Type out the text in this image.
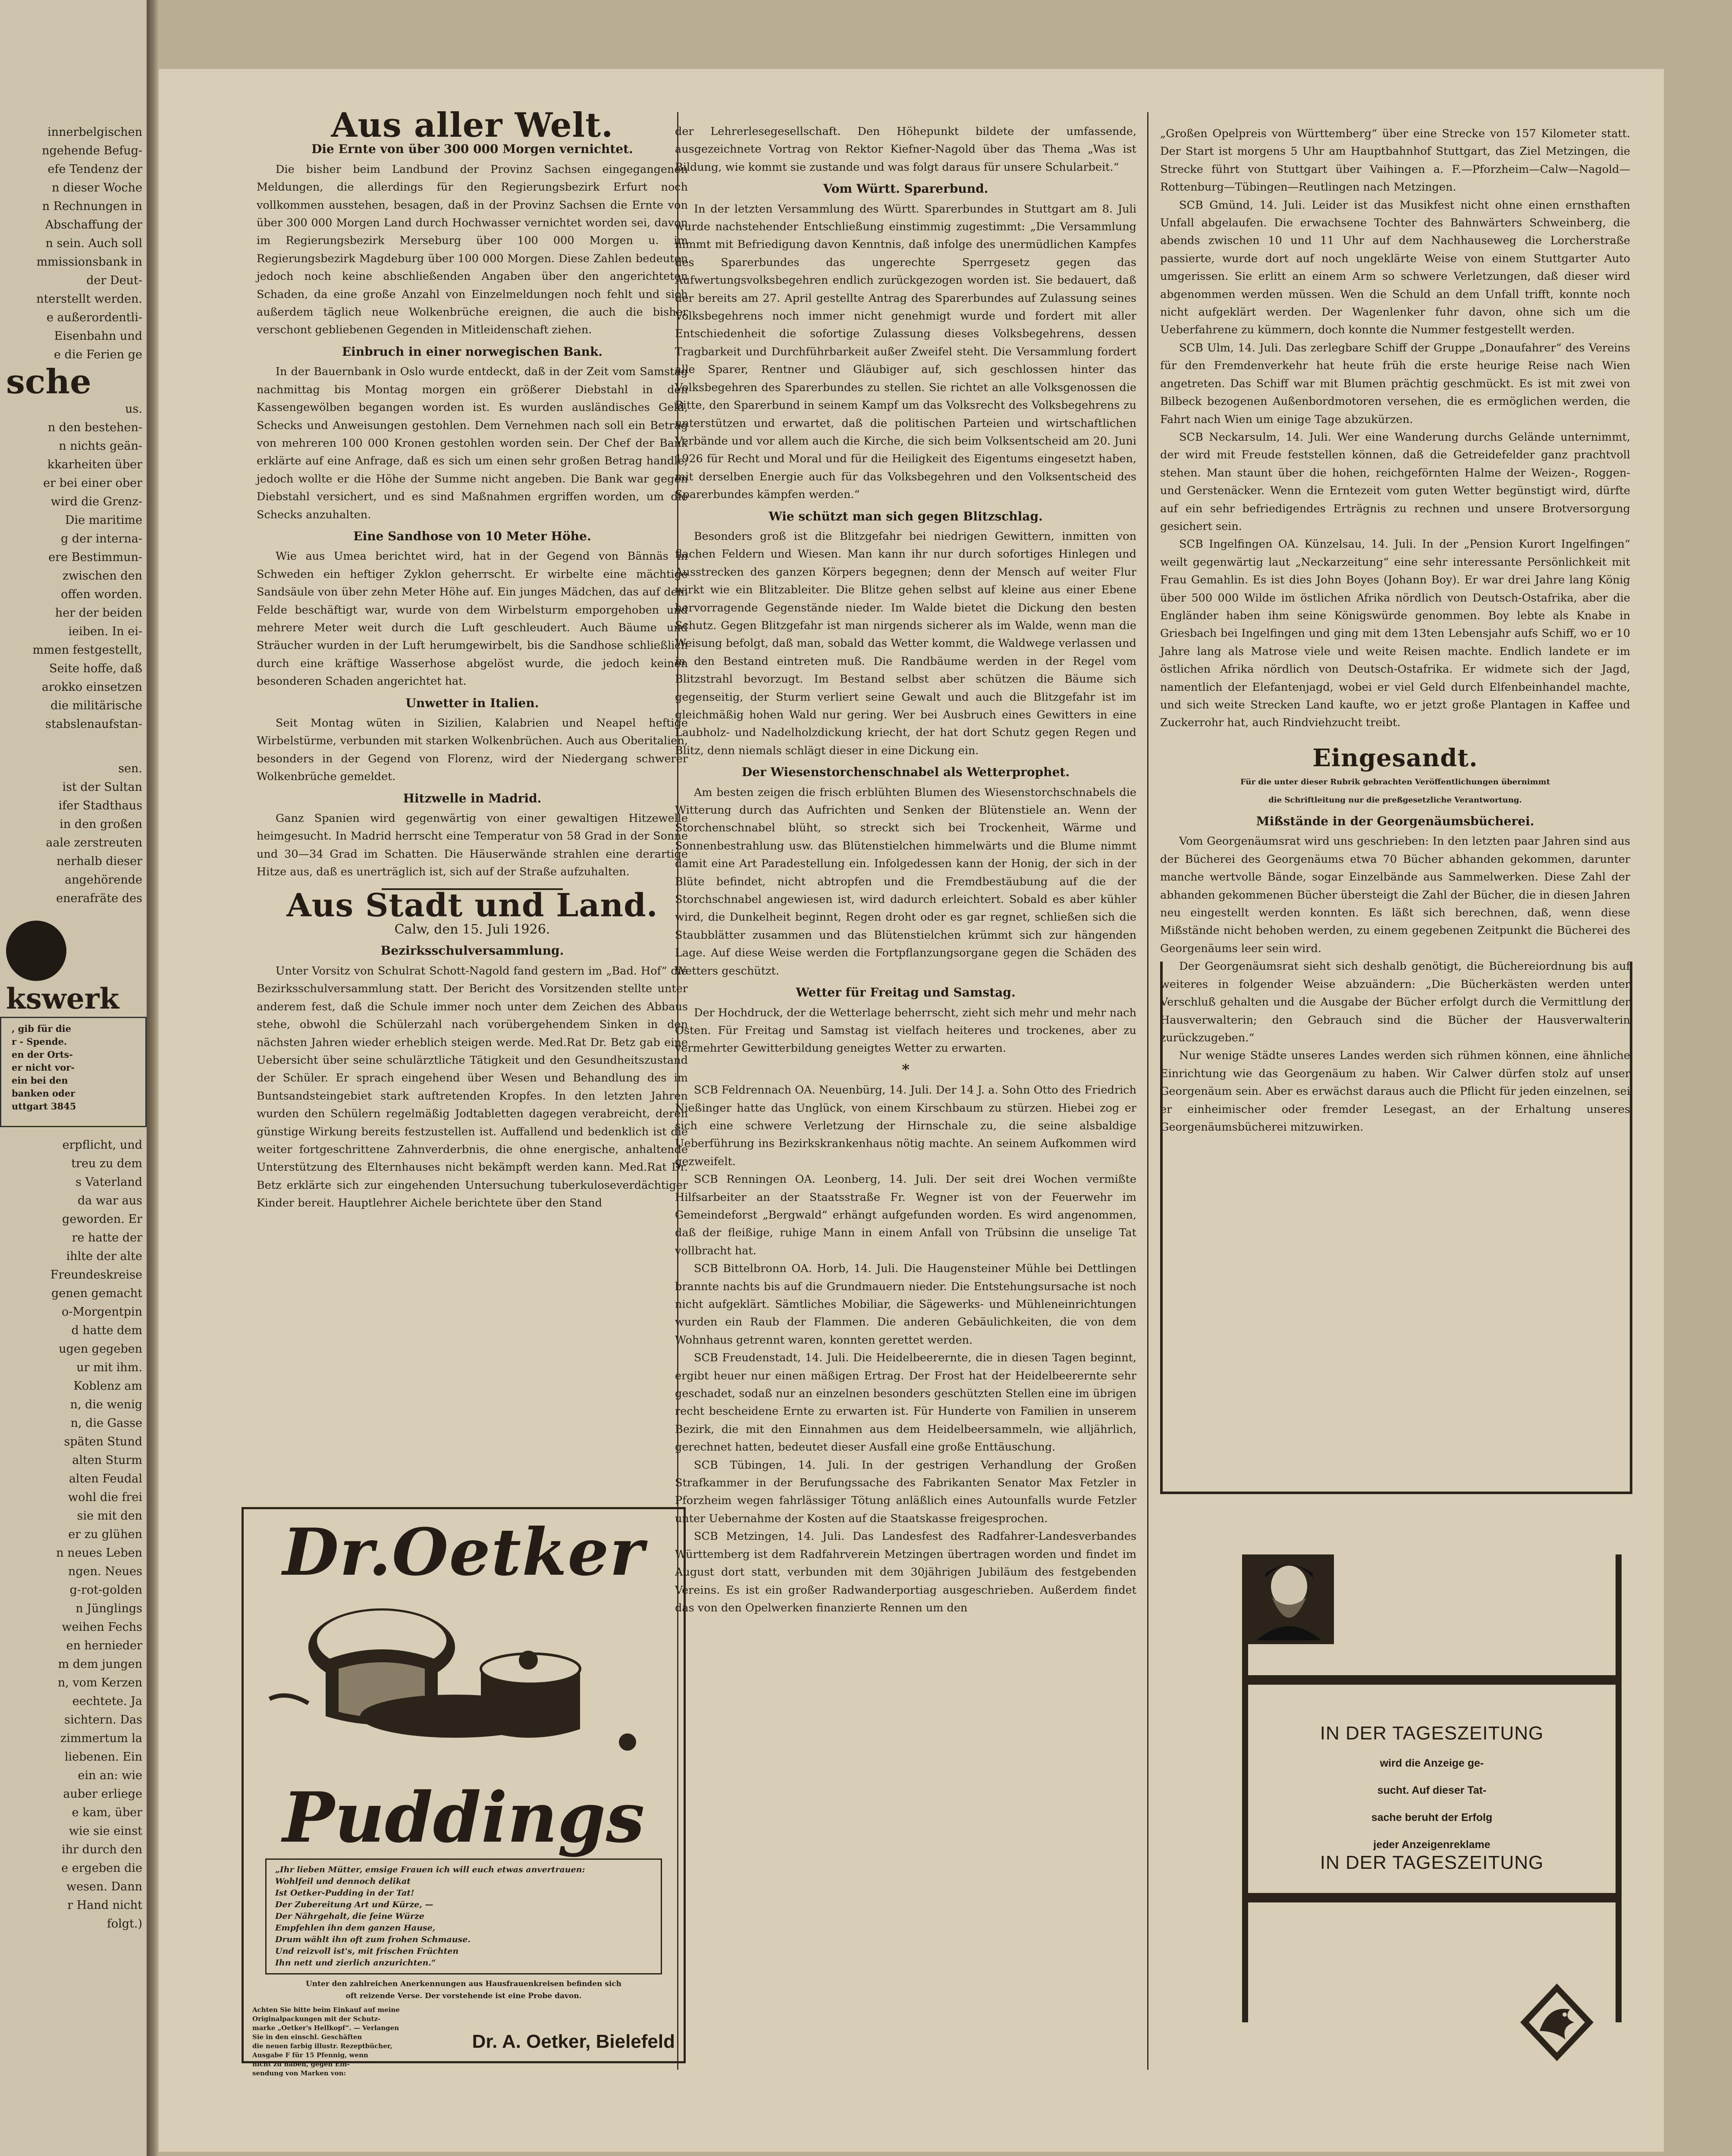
innerbelgischen

ngehende Befug-

efe Tendenz der

n dieser Woche

n Rechnungen in

Abschaffung der

n sein. Auch soll

mmissionsbank in

der Deut-

nterstellt werden.

e außerordentli-

Eisenbahn und

e die Ferien ge

sche

us.

n den bestehen-

n nichts geän-

kkarheiten über

er bei einer ober

wird die Grenz-

Die maritime

g der interna-

ere Bestimmun-

zwischen den

offen worden.

her der beiden

ieiben. In ei-

mmen festgestellt,

Seite hoffe, daß

arokko einsetzen

die militärische

stabslenaufstan-

sen.

ist der Sultan

ifer Stadthaus

in den großen

aale zerstreuten

nerhalb dieser

angehörende

enerafräte des

kswerk

, gib für die

r - Spende.

en der Orts-

er nicht vor-

ein bei den

banken oder

uttgart 3845

erpflicht, und

treu zu dem

s Vaterland

da war aus

geworden. Er

re hatte der

ihlte der alte

Freundeskreise

genen gemacht

o-Morgentpin

d hatte dem

ugen gegeben

ur mit ihm.

Koblenz am

n, die wenig

n, die Gasse

späten Stund

alten Sturm

alten Feudal

wohl die frei

sie mit den

er zu glühen

n neues Leben

ngen. Neues

g-rot-golden

n Jünglings

weihen Fechs

en hernieder

m dem jungen

n, vom Kerzen

eechtete. Ja

sichtern. Das

zimmertum la

liebenen. Ein

ein an: wie

auber erliege

e kam, über

wie sie einst

ihr durch den

e ergeben die

wesen. Dann

r Hand nicht

folgt.)

Aus aller Welt.
Die Ernte von über 300 000 Morgen vernichtet.

Die bisher beim Landbund der Provinz Sachsen eingegangenen Meldungen, die allerdings für den Regierungsbezirk Erfurt noch vollkommen ausstehen, besagen, daß in der Provinz Sachsen die Ernte von über 300 000 Morgen Land durch Hochwasser vernichtet worden sei, davon im Regierungsbezirk Merseburg über 100 000 Morgen u. im Regierungsbezirk Magdeburg über 100 000 Morgen. Diese Zahlen bedeuten jedoch noch keine abschließenden Angaben über den angerichteten Schaden, da eine große Anzahl von Einzelmeldungen noch fehlt und sich außerdem täglich neue Wolkenbrüche ereignen, die auch die bisher verschont gebliebenen Gegenden in Mitleidenschaft ziehen.

Einbruch in einer norwegischen Bank.

In der Bauernbank in Oslo wurde entdeckt, daß in der Zeit vom Samstag nachmittag bis Montag morgen ein größerer Diebstahl in den Kassengewölben begangen worden ist. Es wurden ausländisches Geld, Schecks und Anweisungen gestohlen. Dem Vernehmen nach soll ein Betrag von mehreren 100 000 Kronen gestohlen worden sein. Der Chef der Bank erklärte auf eine Anfrage, daß es sich um einen sehr großen Betrag handle; jedoch wollte er die Höhe der Summe nicht angeben. Die Bank war gegen Diebstahl versichert, und es sind Maßnahmen ergriffen worden, um die Schecks anzuhalten.

Eine Sandhose von 10 Meter Höhe.

Wie aus Umea berichtet wird, hat in der Gegend von Bännäs in Schweden ein heftiger Zyklon geherrscht. Er wirbelte eine mächtige Sandsäule von über zehn Meter Höhe auf. Ein junges Mädchen, das auf dem Felde beschäftigt war, wurde von dem Wirbelsturm emporgehoben und mehrere Meter weit durch die Luft geschleudert. Auch Bäume und Sträucher wurden in der Luft herumgewirbelt, bis die Sandhose schließlich durch eine kräftige Wasserhose abgelöst wurde, die jedoch keinen besonderen Schaden angerichtet hat.

Unwetter in Italien.

Seit Montag wüten in Sizilien, Kalabrien und Neapel heftige Wirbelstürme, verbunden mit starken Wolkenbrüchen. Auch aus Oberitalien, besonders in der Gegend von Florenz, wird der Niedergang schwerer Wolkenbrüche gemeldet.

Hitzwelle in Madrid.

Ganz Spanien wird gegenwärtig von einer gewaltigen Hitzewelle heimgesucht. In Madrid herrscht eine Temperatur von 58 Grad in der Sonne und 30—34 Grad im Schatten. Die Häuserwände strahlen eine derartige Hitze aus, daß es unerträglich ist, sich auf der Straße aufzuhalten.

Aus Stadt und Land.
Calw, den 15. Juli 1926.
Bezirksschulversammlung.

Unter Vorsitz von Schulrat Schott-Nagold fand gestern im „Bad. Hof“ die Bezirksschulversammlung statt. Der Bericht des Vorsitzenden stellte unter anderem fest, daß die Schule immer noch unter dem Zeichen des Abbaus stehe, obwohl die Schülerzahl nach vorübergehendem Sinken in den nächsten Jahren wieder erheblich steigen werde. Med.Rat Dr. Betz gab eine Uebersicht über seine schulärztliche Tätigkeit und den Gesundheitszustand der Schüler. Er sprach eingehend über Wesen und Behandlung des im Buntsandsteingebiet stark auftretenden Kropfes. In den letzten Jahren wurden den Schülern regelmäßig Jodtabletten dagegen verabreicht, deren günstige Wirkung bereits festzustellen ist. Auffallend und bedenklich ist die weiter fortgeschrittene Zahnverderbnis, die ohne energische, anhaltende Unterstützung des Elternhauses nicht bekämpft werden kann. Med.Rat Dr. Betz erklärte sich zur eingehenden Untersuchung tuberkuloseverdächtiger Kinder bereit. Hauptlehrer Aichele berichtete über den Stand

Dr.Oetker
Puddings

„Ihr lieben Mütter, emsige Frauen ich will euch etwas anvertrauen:

Wohlfeil und dennoch delikat

Ist Oetker-Pudding in der Tat!

Der Zubereitung Art und Kürze, —

Der Nährgehalt, die feine Würze

Empfehlen ihn dem ganzen Hause,

Drum wählt ihn oft zum frohen Schmause.

Und reizvoll ist's, mit frischen Früchten

Ihn nett und zierlich anzurichten.“

Unter den zahlreichen Anerkennungen aus Hausfrauenkreisen befinden sich
oft reizende Verse. Der vorstehende ist eine Probe davon.
Achten Sie bitte beim Einkauf auf meine Originalpackungen mit der Schutz-
marke „Oetker's Hellkopf“. — Verlangen Sie in den einschl. Geschäften
die neuen farbig illustr. Rezeptbücher, Ausgabe F für 15 Pfennig, wenn
nicht zu haben, gegen Ein-
sendung von Marken von:
Dr. A. Oetker, Bielefeld

der Lehrerlesegesellschaft. Den Höhepunkt bildete der umfassende, ausgezeichnete Vortrag von Rektor Kiefner-Nagold über das Thema „Was ist Bildung, wie kommt sie zustande und was folgt daraus für unsere Schularbeit.“

Vom Württ. Sparerbund.

In der letzten Versammlung des Württ. Sparerbundes in Stuttgart am 8. Juli wurde nachstehender Entschließung einstimmig zugestimmt: „Die Versammlung nimmt mit Befriedigung davon Kenntnis, daß infolge des unermüdlichen Kampfes des Sparerbundes das ungerechte Sperrgesetz gegen das Aufwertungsvolksbegehren endlich zurückgezogen worden ist. Sie bedauert, daß der bereits am 27. April gestellte Antrag des Sparerbundes auf Zulassung seines Volksbegehrens noch immer nicht genehmigt wurde und fordert mit aller Entschiedenheit die sofortige Zulassung dieses Volksbegehrens, dessen Tragbarkeit und Durchführbarkeit außer Zweifel steht. Die Versammlung fordert alle Sparer, Rentner und Gläubiger auf, sich geschlossen hinter das Volksbegehren des Sparerbundes zu stellen. Sie richtet an alle Volksgenossen die Bitte, den Sparerbund in seinem Kampf um das Volksrecht des Volksbegehrens zu unterstützen und erwartet, daß die politischen Parteien und wirtschaftlichen Verbände und vor allem auch die Kirche, die sich beim Volksentscheid am 20. Juni 1926 für Recht und Moral und für die Heiligkeit des Eigentums eingesetzt haben, mit derselben Energie auch für das Volksbegehren und den Volksentscheid des Sparerbundes kämpfen werden.“

Wie schützt man sich gegen Blitzschlag.

Besonders groß ist die Blitzgefahr bei niedrigen Gewittern, inmitten von flachen Feldern und Wiesen. Man kann ihr nur durch sofortiges Hinlegen und Ausstrecken des ganzen Körpers begegnen; denn der Mensch auf weiter Flur wirkt wie ein Blitzableiter. Die Blitze gehen selbst auf kleine aus einer Ebene hervorragende Gegenstände nieder. Im Walde bietet die Dickung den besten Schutz. Gegen Blitzgefahr ist man nirgends sicherer als im Walde, wenn man die Weisung befolgt, daß man, sobald das Wetter kommt, die Waldwege verlassen und in den Bestand eintreten muß. Die Randbäume werden in der Regel vom Blitzstrahl bevorzugt. Im Bestand selbst aber schützen die Bäume sich gegenseitig, der Sturm verliert seine Gewalt und auch die Blitzgefahr ist im gleichmäßig hohen Wald nur gering. Wer bei Ausbruch eines Gewitters in eine Laubholz- und Nadelholzdickung kriecht, der hat dort Schutz gegen Regen und Blitz, denn niemals schlägt dieser in eine Dickung ein.

Der Wiesenstorchenschnabel als Wetterprophet.

Am besten zeigen die frisch erblühten Blumen des Wiesenstorchschnabels die Witterung durch das Aufrichten und Senken der Blütenstiele an. Wenn der Storchenschnabel blüht, so streckt sich bei Trockenheit, Wärme und Sonnenbestrahlung usw. das Blütenstielchen himmelwärts und die Blume nimmt damit eine Art Paradestellung ein. Infolgedessen kann der Honig, der sich in der Blüte befindet, nicht abtropfen und die Fremdbestäubung auf die der Storchschnabel angewiesen ist, wird dadurch erleichtert. Sobald es aber kühler wird, die Dunkelheit beginnt, Regen droht oder es gar regnet, schließen sich die Staubblätter zusammen und das Blütenstielchen krümmt sich zur hängenden Lage. Auf diese Weise werden die Fortpflanzungsorgane gegen die Schäden des Wetters geschützt.

Wetter für Freitag und Samstag.

Der Hochdruck, der die Wetterlage beherrscht, zieht sich mehr und mehr nach Osten. Für Freitag und Samstag ist vielfach heiteres und trockenes, aber zu vermehrter Gewitterbildung geneigtes Wetter zu erwarten.

*

SCB Feldrennach OA. Neuenbürg, 14. Juli. Der 14 J. a. Sohn Otto des Friedrich Nießinger hatte das Unglück, von einem Kirschbaum zu stürzen. Hiebei zog er sich eine schwere Verletzung der Hirnschale zu, die seine alsbaldige Ueberführung ins Bezirkskrankenhaus nötig machte. An seinem Aufkommen wird gezweifelt.

SCB Renningen OA. Leonberg, 14. Juli. Der seit drei Wochen vermißte Hilfsarbeiter an der Staatsstraße Fr. Wegner ist von der Feuerwehr im Gemeindeforst „Bergwald“ erhängt aufgefunden worden. Es wird angenommen, daß der fleißige, ruhige Mann in einem Anfall von Trübsinn die unselige Tat vollbracht hat.

SCB Bittelbronn OA. Horb, 14. Juli. Die Haugensteiner Mühle bei Dettlingen brannte nachts bis auf die Grundmauern nieder. Die Entstehungsursache ist noch nicht aufgeklärt. Sämtliches Mobiliar, die Sägewerks- und Mühleneinrichtungen wurden ein Raub der Flammen. Die anderen Gebäulichkeiten, die von dem Wohnhaus getrennt waren, konnten gerettet werden.

SCB Freudenstadt, 14. Juli. Die Heidelbeerernte, die in diesen Tagen beginnt, ergibt heuer nur einen mäßigen Ertrag. Der Frost hat der Heidelbeerernte sehr geschadet, sodaß nur an einzelnen besonders geschützten Stellen eine im übrigen recht bescheidene Ernte zu erwarten ist. Für Hunderte von Familien in unserem Bezirk, die mit den Einnahmen aus dem Heidelbeersammeln, wie alljährlich, gerechnet hatten, bedeutet dieser Ausfall eine große Enttäuschung.

SCB Tübingen, 14. Juli. In der gestrigen Verhandlung der Großen Strafkammer in der Berufungssache des Fabrikanten Senator Max Fetzler in Pforzheim wegen fahrlässiger Tötung anläßlich eines Autounfalls wurde Fetzler unter Uebernahme der Kosten auf die Staatskasse freigesprochen.

SCB Metzingen, 14. Juli. Das Landesfest des Radfahrer-Landesverbandes Württemberg ist dem Radfahrverein Metzingen übertragen worden und findet im August dort statt, verbunden mit dem 30jährigen Jubiläum des festgebenden Vereins. Es ist ein großer Radwanderportiag ausgeschrieben. Außerdem findet das von den Opelwerken finanzierte Rennen um den

„Großen Opelpreis von Württemberg“ über eine Strecke von 157 Kilometer statt. Der Start ist morgens 5 Uhr am Hauptbahnhof Stuttgart, das Ziel Metzingen, die Strecke führt von Stuttgart über Vaihingen a. F.—Pforzheim—Calw—Nagold—Rottenburg—Tübingen—Reutlingen nach Metzingen.

SCB Gmünd, 14. Juli. Leider ist das Musikfest nicht ohne einen ernsthaften Unfall abgelaufen. Die erwachsene Tochter des Bahnwärters Schweinberg, die abends zwischen 10 und 11 Uhr auf dem Nachhauseweg die Lorcherstraße passierte, wurde dort auf noch ungeklärte Weise von einem Stuttgarter Auto umgerissen. Sie erlitt an einem Arm so schwere Verletzungen, daß dieser wird abgenommen werden müssen. Wen die Schuld an dem Unfall trifft, konnte noch nicht aufgeklärt werden. Der Wagenlenker fuhr davon, ohne sich um die Ueberfahrene zu kümmern, doch konnte die Nummer festgestellt werden.

SCB Ulm, 14. Juli. Das zerlegbare Schiff der Gruppe „Donaufahrer“ des Vereins für den Fremdenverkehr hat heute früh die erste heurige Reise nach Wien angetreten. Das Schiff war mit Blumen prächtig geschmückt. Es ist mit zwei von Bilbeck bezogenen Außenbordmotoren versehen, die es ermöglichen werden, die Fahrt nach Wien um einige Tage abzukürzen.

SCB Neckarsulm, 14. Juli. Wer eine Wanderung durchs Gelände unternimmt, der wird mit Freude feststellen können, daß die Getreidefelder ganz prachtvoll stehen. Man staunt über die hohen, reichgeförnten Halme der Weizen-, Roggen- und Gerstenäcker. Wenn die Erntezeit vom guten Wetter begünstigt wird, dürfte auf ein sehr befriedigendes Erträgnis zu rechnen und unsere Brotversorgung gesichert sein.

SCB Ingelfingen OA. Künzelsau, 14. Juli. In der „Pension Kurort Ingelfingen“ weilt gegenwärtig laut „Neckarzeitung“ eine sehr interessante Persönlichkeit mit Frau Gemahlin. Es ist dies John Boyes (Johann Boy). Er war drei Jahre lang König über 500 000 Wilde im östlichen Afrika nördlich von Deutsch-Ostafrika, aber die Engländer haben ihm seine Königswürde genommen. Boy lebte als Knabe in Griesbach bei Ingelfingen und ging mit dem 13ten Lebensjahr aufs Schiff, wo er 10 Jahre lang als Matrose viele und weite Reisen machte. Endlich landete er im östlichen Afrika nördlich von Deutsch-Ostafrika. Er widmete sich der Jagd, namentlich der Elefantenjagd, wobei er viel Geld durch Elfenbeinhandel machte, und sich weite Strecken Land kaufte, wo er jetzt große Plantagen in Kaffee und Zuckerrohr hat, auch Rindviehzucht treibt.

Eingesandt.
Für die unter dieser Rubrik gebrachten Veröffentlichungen übernimmt
die Schriftleitung nur die preßgesetzliche Verantwortung.
Mißstände in der Georgenäumsbücherei.

Vom Georgenäumsrat wird uns geschrieben: In den letzten paar Jahren sind aus der Bücherei des Georgenäums etwa 70 Bücher abhanden gekommen, darunter manche wertvolle Bände, sogar Einzelbände aus Sammelwerken. Diese Zahl der abhanden gekommenen Bücher übersteigt die Zahl der Bücher, die in diesen Jahren neu eingestellt werden konnten. Es läßt sich berechnen, daß, wenn diese Mißstände nicht behoben werden, zu einem gegebenen Zeitpunkt die Bücherei des Georgenäums leer sein wird.

Der Georgenäumsrat sieht sich deshalb genötigt, die Büchereiordnung bis auf weiteres in folgender Weise abzuändern: „Die Bücherkästen werden unter Verschluß gehalten und die Ausgabe der Bücher erfolgt durch die Vermittlung der Hausverwalterin; den Gebrauch sind die Bücher der Hausverwalterin zurückzugeben.“

Nur wenige Städte unseres Landes werden sich rühmen können, eine ähnliche Einrichtung wie das Georgenäum zu haben. Wir Calwer dürfen stolz auf unser Georgenäum sein. Aber es erwächst daraus auch die Pflicht für jeden einzelnen, sei er einheimischer oder fremder Lesegast, an der Erhaltung unseres Georgenäumsbücherei mitzuwirken.

IN DER TAGESZEITUNG

wird die Anzeige ge-

sucht. Auf dieser Tat-

sache beruht der Erfolg

jeder Anzeigenreklame

IN DER TAGESZEITUNG
